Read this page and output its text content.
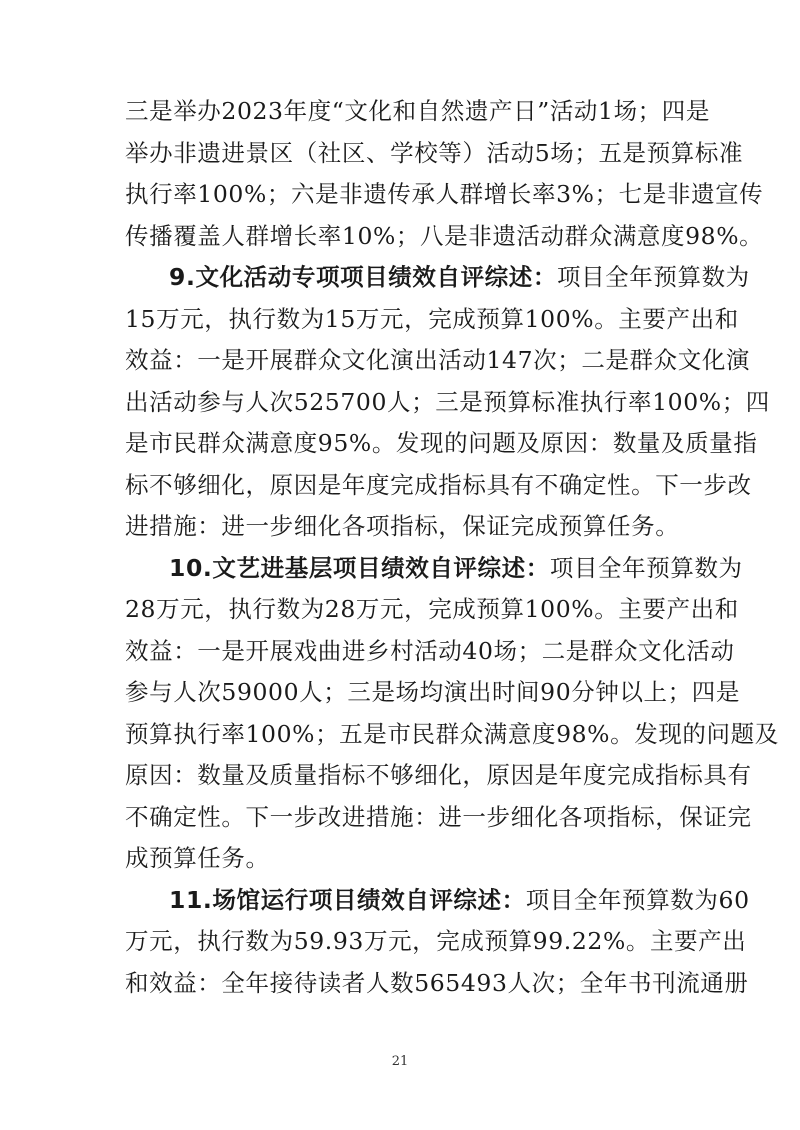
三是举办2023年度“文化和自然遗产日”活动1场；四是
举办非遗进景区（社区、学校等）活动5场；五是预算标准
执行率100%；六是非遗传承人群增长率3%；七是非遗宣传
传播覆盖人群增长率10%；八是非遗活动群众满意度98%。
9.文化活动专项项目绩效自评综述：项目全年预算数为
15万元，执行数为15万元，完成预算100%。主要产出和
效益：一是开展群众文化演出活动147次；二是群众文化演
出活动参与人次525700人；三是预算标准执行率100%；四
是市民群众满意度95%。发现的问题及原因：数量及质量指
标不够细化，原因是年度完成指标具有不确定性。下一步改
进措施：进一步细化各项指标，保证完成预算任务。
10.文艺进基层项目绩效自评综述：项目全年预算数为
28万元，执行数为28万元，完成预算100%。主要产出和
效益：一是开展戏曲进乡村活动40场；二是群众文化活动
参与人次59000人；三是场均演出时间90分钟以上；四是
预算执行率100%；五是市民群众满意度98%。发现的问题及
原因：数量及质量指标不够细化，原因是年度完成指标具有
不确定性。下一步改进措施：进一步细化各项指标，保证完
成预算任务。
11.场馆运行项目绩效自评综述：项目全年预算数为60
万元，执行数为59.93万元，完成预算99.22%。主要产出
和效益：全年接待读者人数565493人次；全年书刊流通册
21
